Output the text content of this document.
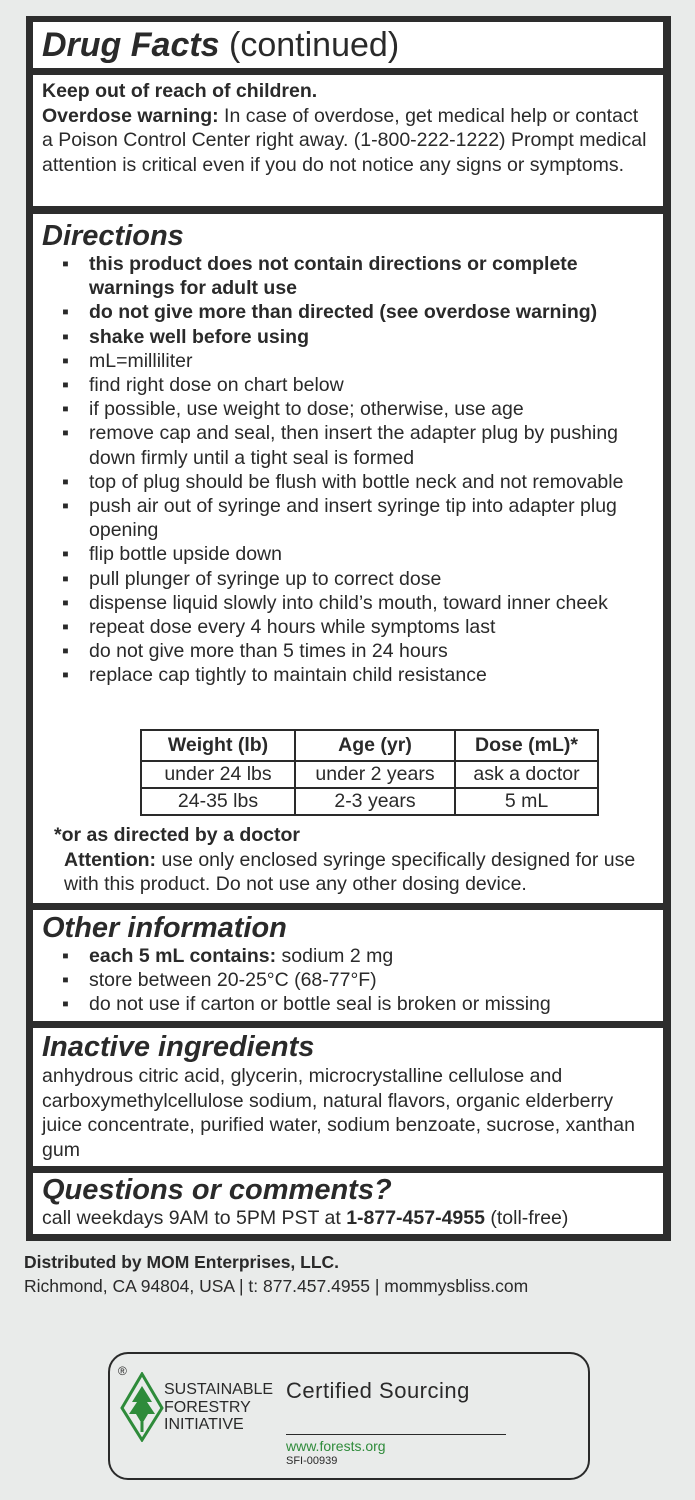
Drug Facts (continued)
Keep out of reach of children.
Overdose warning: In case of overdose, get medical help or contact a Poison Control Center right away. (1-800-222-1222) Prompt medical attention is critical even if you do not notice any signs or symptoms.
Directions
▪ this product does not contain directions or complete warnings for adult use
▪ do not give more than directed (see overdose warning)
▪ shake well before using
▪ mL=milliliter
▪ find right dose on chart below
▪ if possible, use weight to dose; otherwise, use age
▪ remove cap and seal, then insert the adapter plug by pushing down firmly until a tight seal is formed
▪ top of plug should be flush with bottle neck and not removable
▪ push air out of syringe and insert syringe tip into adapter plug opening
▪ flip bottle upside down
▪ pull plunger of syringe up to correct dose
▪ dispense liquid slowly into child’s mouth, toward inner cheek
▪ repeat dose every 4 hours while symptoms last
▪ do not give more than 5 times in 24 hours
▪ replace cap tightly to maintain child resistance
Weight (lb)	Age (yr)	Dose (mL)*
under 24 lbs	under 2 years	ask a doctor
24-35 lbs	2-3 years	5 mL
*or as directed by a doctor
Attention: use only enclosed syringe specifically designed for use with this product. Do not use any other dosing device.
Other information
▪ each 5 mL contains: sodium 2 mg
▪ store between 20-25°C (68-77°F)
▪ do not use if carton or bottle seal is broken or missing
Inactive ingredients
anhydrous citric acid, glycerin, microcrystalline cellulose and carboxymethylcellulose sodium, natural flavors, organic elderberry juice concentrate, purified water, sodium benzoate, sucrose, xanthan gum
Questions or comments?
call weekdays 9AM to 5PM PST at 1-877-457-4955 (toll-free)
Distributed by MOM Enterprises, LLC.
Richmond, CA 94804, USA | t: 877.457.4955 | mommysbliss.com
®
SUSTAINABLE
FORESTRY
INITIATIVE
Certified Sourcing
www.forests.org
SFI-00939
